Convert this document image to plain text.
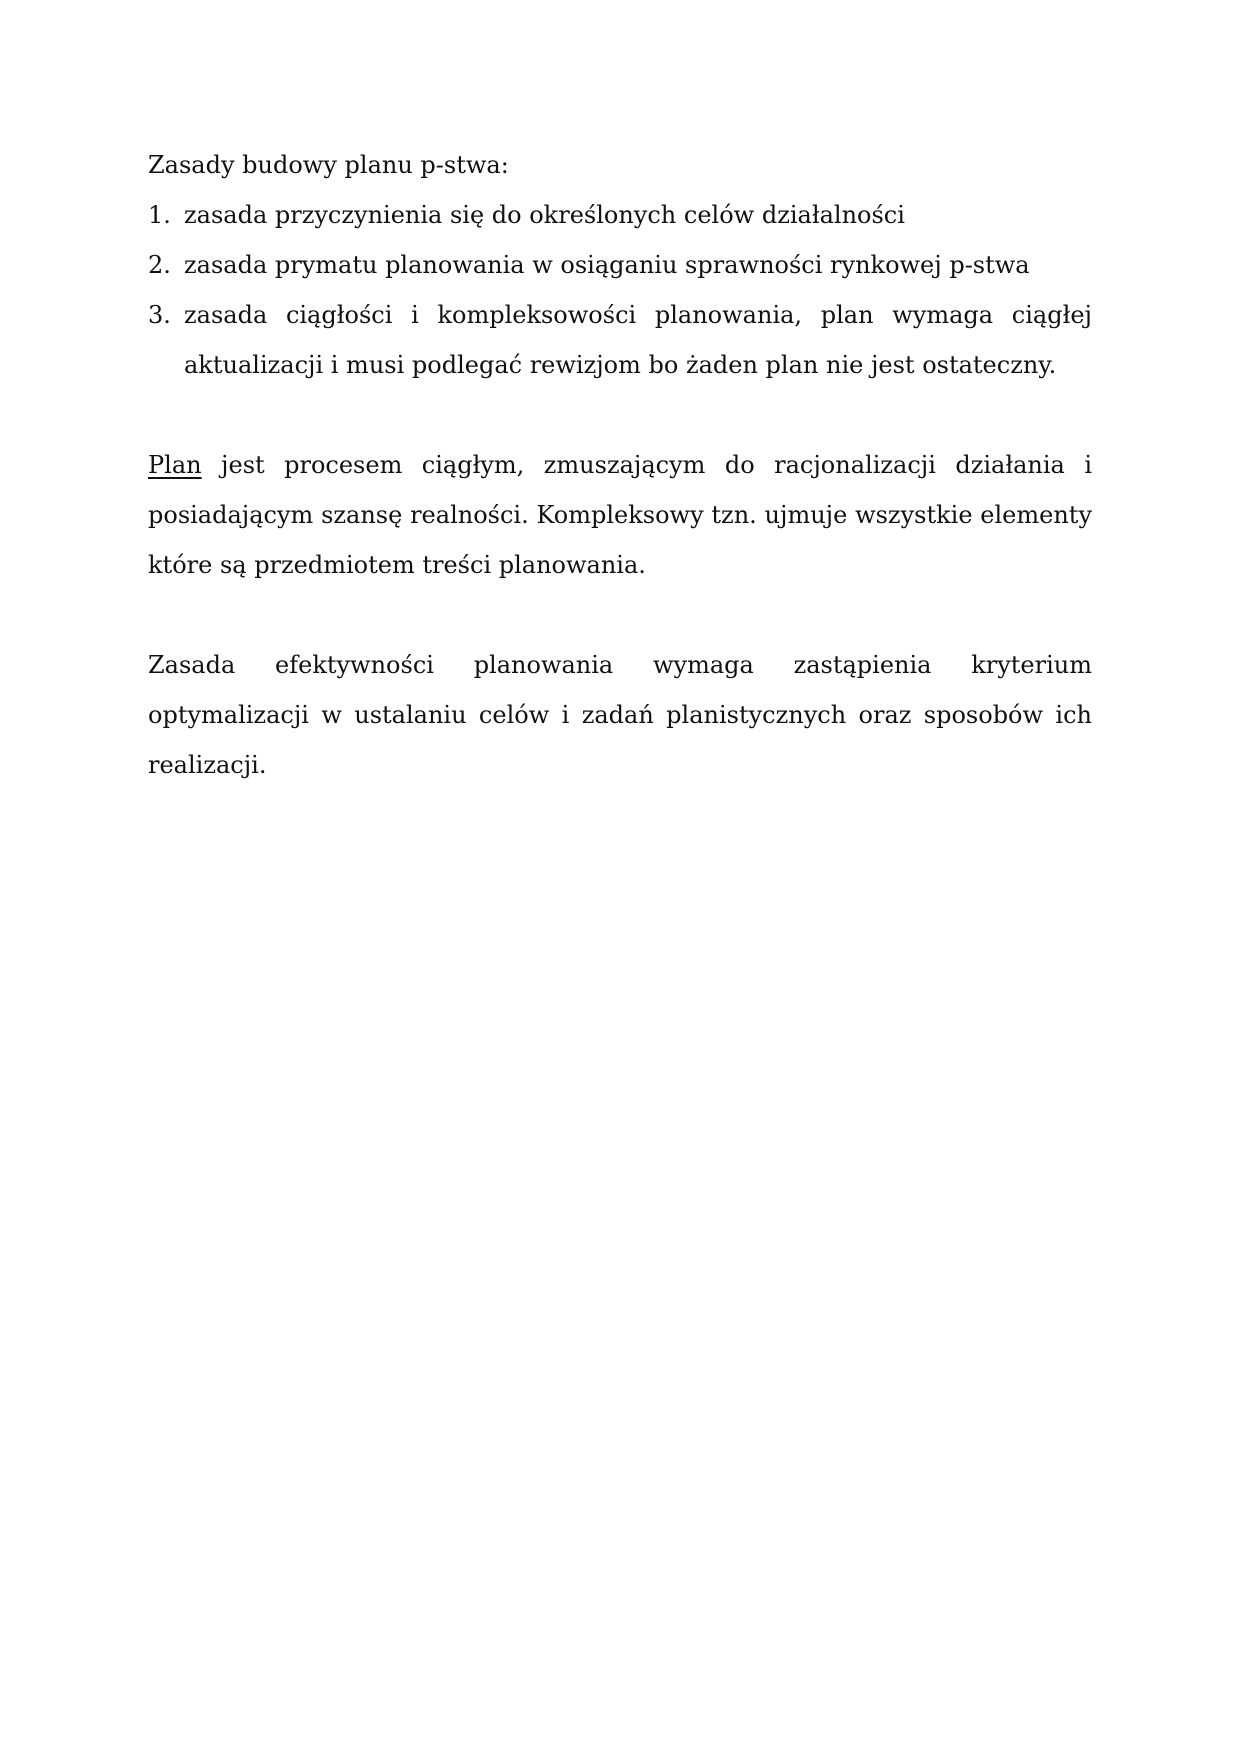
Zasady budowy planu p-stwa:

1. zasada przyczynienia się do określonych celów działalności
2. zasada prymatu planowania w osiąganiu sprawności rynkowej p-stwa
3. zasada ciągłości i kompleksowości planowania, plan wymaga ciągłej aktualizacji i musi podlegać rewizjom bo żaden plan nie jest ostateczny.

Plan jest procesem ciągłym, zmuszającym do racjonalizacji działania i posiadającym szansę realności. Kompleksowy tzn. ujmuje wszystkie elementy które są przedmiotem treści planowania.

Zasada efektywności planowania wymaga zastąpienia kryterium optymalizacji w ustalaniu celów i zadań planistycznych oraz sposobów ich realizacji.
